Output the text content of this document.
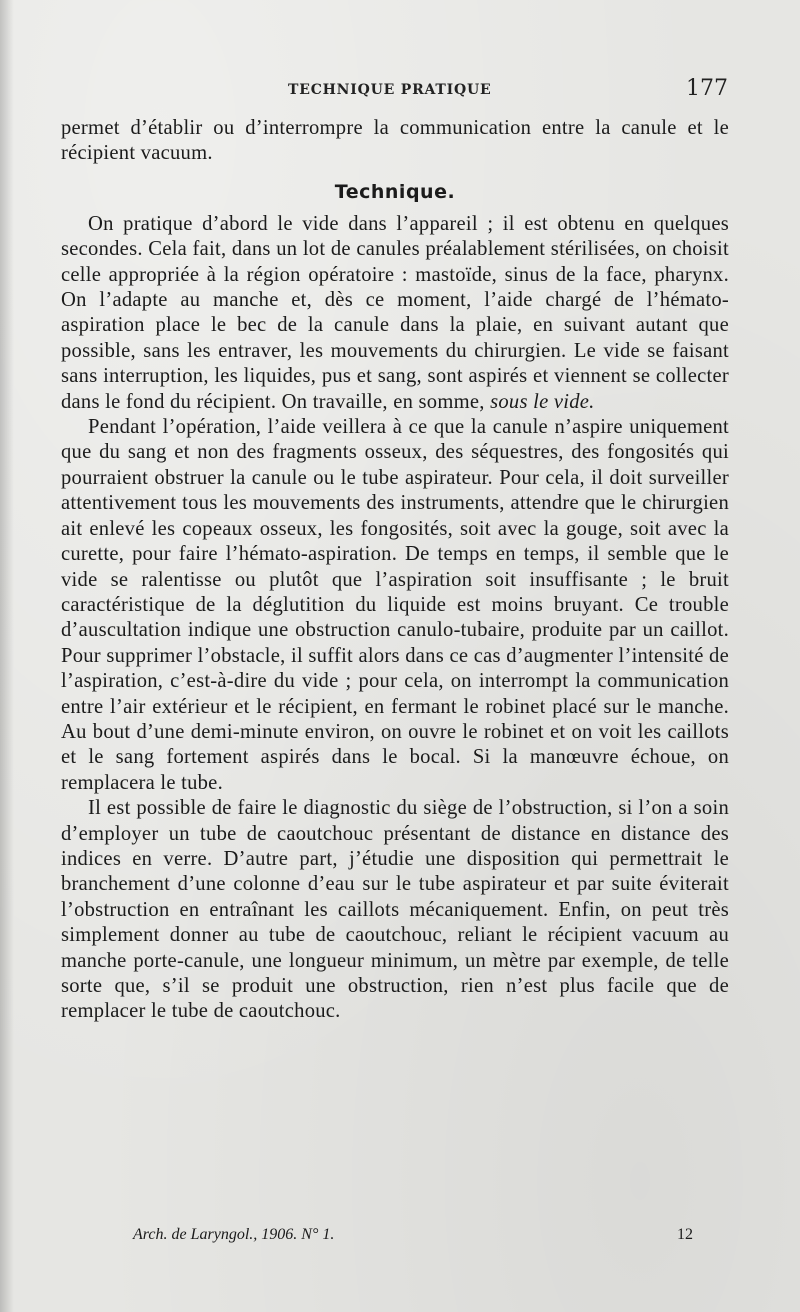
TECHNIQUE PRATIQUE	177

permet d’établir ou d’interrompre la communication entre la canule et le récipient vacuum.

Technique.

On pratique d’abord le vide dans l’appareil ; il est obtenu en quelques secondes. Cela fait, dans un lot de canules préalablement stérilisées, on choisit celle appropriée à la région opératoire : mastoïde, sinus de la face, pharynx. On l’adapte au manche et, dès ce moment, l’aide chargé de l’hémato-aspiration place le bec de la canule dans la plaie, en suivant autant que possible, sans les entraver, les mouvements du chirurgien. Le vide se faisant sans interruption, les liquides, pus et sang, sont aspirés et viennent se collecter dans le fond du récipient. On travaille, en somme, sous le vide.

Pendant l’opération, l’aide veillera à ce que la canule n’aspire uniquement que du sang et non des fragments osseux, des séquestres, des fongosités qui pourraient obstruer la canule ou le tube aspirateur. Pour cela, il doit surveiller attentivement tous les mouvements des instruments, attendre que le chirurgien ait enlevé les copeaux osseux, les fongosités, soit avec la gouge, soit avec la curette, pour faire l’hémato-aspiration. De temps en temps, il semble que le vide se ralentisse ou plutôt que l’aspiration soit insuffisante ; le bruit caractéristique de la déglutition du liquide est moins bruyant. Ce trouble d’auscultation indique une obstruction canulo-tubaire, produite par un caillot. Pour supprimer l’obstacle, il suffit alors dans ce cas d’augmenter l’intensité de l’aspiration, c’est-à-dire du vide ; pour cela, on interrompt la communication entre l’air extérieur et le récipient, en fermant le robinet placé sur le manche. Au bout d’une demi-minute environ, on ouvre le robinet et on voit les caillots et le sang fortement aspirés dans le bocal. Si la manœuvre échoue, on remplacera le tube.

Il est possible de faire le diagnostic du siège de l’obstruction, si l’on a soin d’employer un tube de caoutchouc présentant de distance en distance des indices en verre. D’autre part, j’étudie une disposition qui permettrait le branchement d’une colonne d’eau sur le tube aspirateur et par suite éviterait l’obstruction en entraînant les caillots mécaniquement. Enfin, on peut très simplement donner au tube de caoutchouc, reliant le récipient vacuum au manche porte-canule, une longueur minimum, un mètre par exemple, de telle sorte que, s’il se produit une obstruction, rien n’est plus facile que de remplacer le tube de caoutchouc.

Arch. de Laryngol., 1906. N° 1.	12
